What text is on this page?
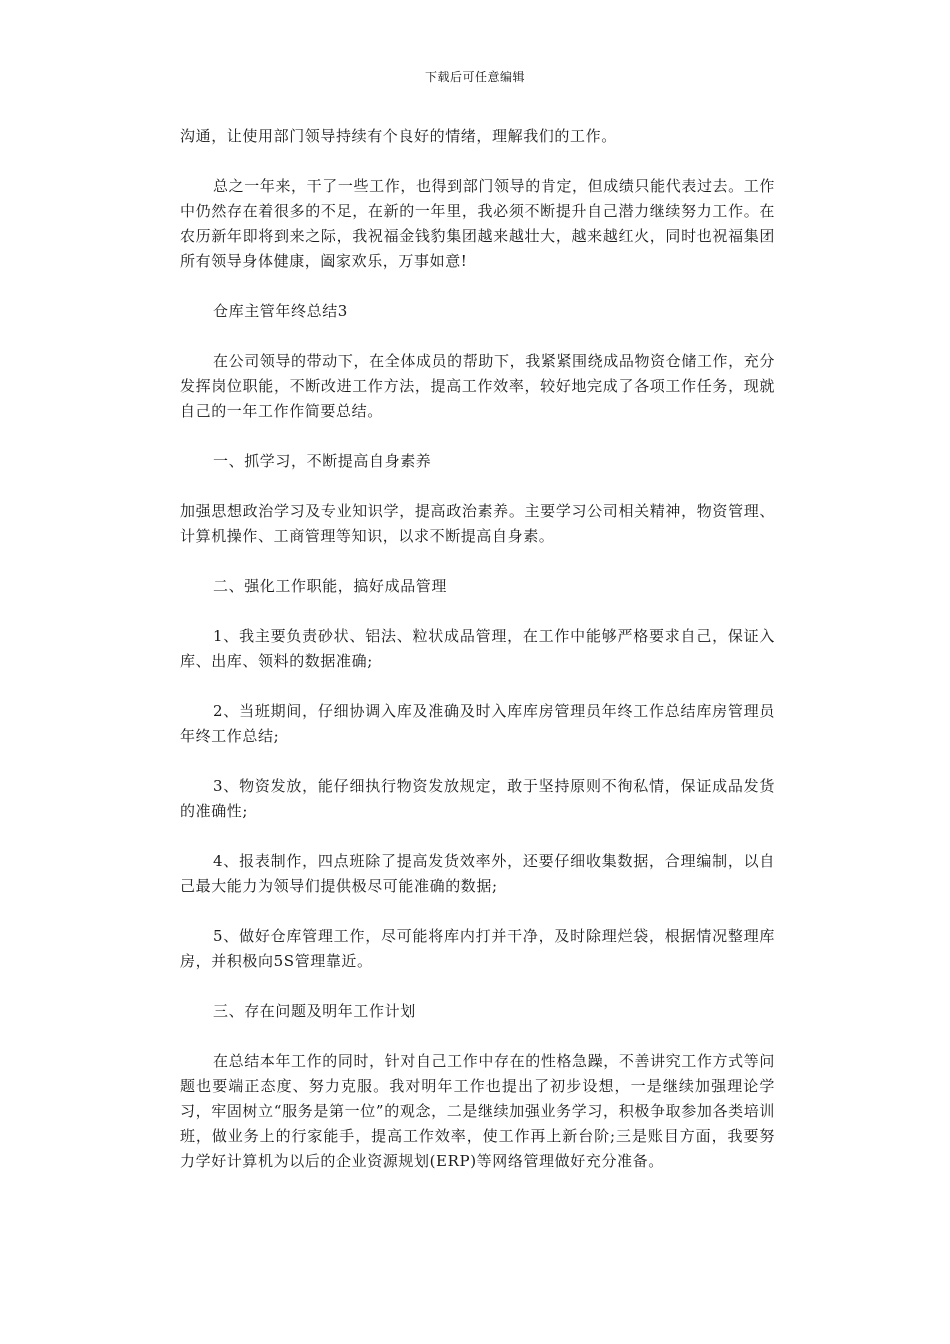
下载后可任意编辑

沟通，让使用部门领导持续有个良好的情绪，理解我们的工作。

总之一年来，干了一些工作，也得到部门领导的肯定，但成绩只能代表过去。工作中仍然存在着很多的不足，在新的一年里，我必须不断提升自己潜力继续努力工作。在农历新年即将到来之际，我祝福金钱豹集团越来越壮大，越来越红火，同时也祝福集团所有领导身体健康，阖家欢乐，万事如意!

仓库主管年终总结3

在公司领导的带动下，在全体成员的帮助下，我紧紧围绕成品物资仓储工作，充分发挥岗位职能，不断改进工作方法，提高工作效率，较好地完成了各项工作任务，现就自己的一年工作作简要总结。

一、抓学习，不断提高自身素养

加强思想政治学习及专业知识学，提高政治素养。主要学习公司相关精神，物资管理、计算机操作、工商管理等知识，以求不断提高自身素。

二、强化工作职能，搞好成品管理

1、我主要负责砂状、铝法、粒状成品管理，在工作中能够严格要求自己，保证入库、出库、领料的数据准确;

2、当班期间，仔细协调入库及准确及时入库库房管理员年终工作总结库房管理员年终工作总结;

3、物资发放，能仔细执行物资发放规定，敢于坚持原则不徇私情，保证成品发货的准确性;

4、报表制作，四点班除了提高发货效率外，还要仔细收集数据，合理编制，以自己最大能力为领导们提供极尽可能准确的数据;

5、做好仓库管理工作，尽可能将库内打并干净，及时除理烂袋，根据情况整理库房，并积极向5S管理靠近。

三、存在问题及明年工作计划

在总结本年工作的同时，针对自己工作中存在的性格急躁，不善讲究工作方式等问题也要端正态度、努力克服。我对明年工作也提出了初步设想，一是继续加强理论学习，牢固树立“服务是第一位”的观念，二是继续加强业务学习，积极争取参加各类培训班，做业务上的行家能手，提高工作效率，使工作再上新台阶;三是账目方面，我要努力学好计算机为以后的企业资源规划(ERP)等网络管理做好充分准备。
